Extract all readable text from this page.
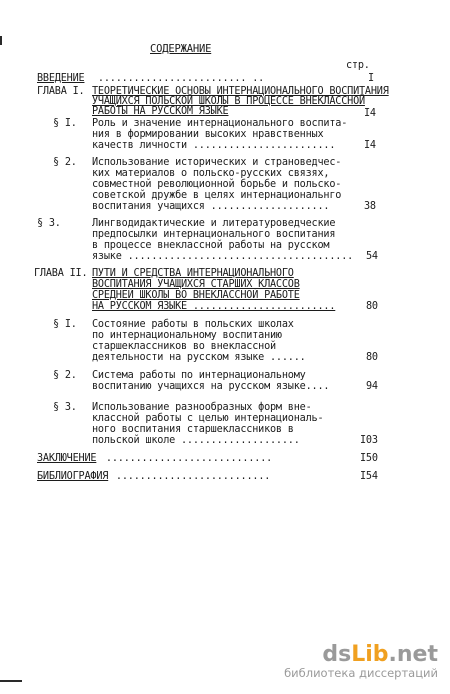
СОДЕРЖАНИЕ
стр.
ВВЕДЕНИЕ ......................... ..	I
ГЛАВА I. ТЕОРЕТИЧЕСКИЕ ОСНОВЫ ИНТЕРНАЦИОНАЛЬНОГО ВОСПИТАНИЯ
УЧАЩИХСЯ ПОЛЬСКОЙ ШКОЛЫ В ПРОЦЕССЕ ВНЕКЛАССНОЙ
РАБОТЫ НА РУССКОМ ЯЗЫКЕ	I4
§ I. Роль и значение интернационального воспита-
ния в формировании высоких нравственных
качеств личности ........................	I4
§ 2. Использование исторических и страноведчес-
ких материалов о польско-русских связях,
совместной революционной борьбе и польско-
советской дружбе в целях интернациональнго
воспитания учащихся ....................	38
§ 3.	Лингводидактические и литературоведческие
предпосылки интернационального воспитания
в процессе внеклассной работы на русском
языке ...................................... 54
ГЛАВА II. ПУТИ И СРЕДСТВА ИНТЕРНАЦИОНАЛЬНОГО
ВОСПИТАНИЯ УЧАЩИХСЯ СТАРШИХ КЛАССОВ
СРЕДНЕЙ ШКОЛЫ ВО ВНЕКЛАССНОЙ РАБОТЕ
НА РУССКОМ ЯЗЫКЕ ........................	80
§ I. Состояние работы в польских школах
по интернациональному воспитанию
старшеклассников во внеклассной
деятельности на русском языке ......	80
§ 2. Система работы по интернациональному
воспитанию учащихся на русском языке....	94
§ 3. Использование разнообразных форм вне-
классной работы с целью интернациональ-
ного воспитания старшеклассников в
польской школе ....................	I03
ЗАКЛЮЧЕНИЕ ............................	I50
БИБЛИОГРАФИЯ ..........................	I54
dsLib.net
библиотека диссертаций
